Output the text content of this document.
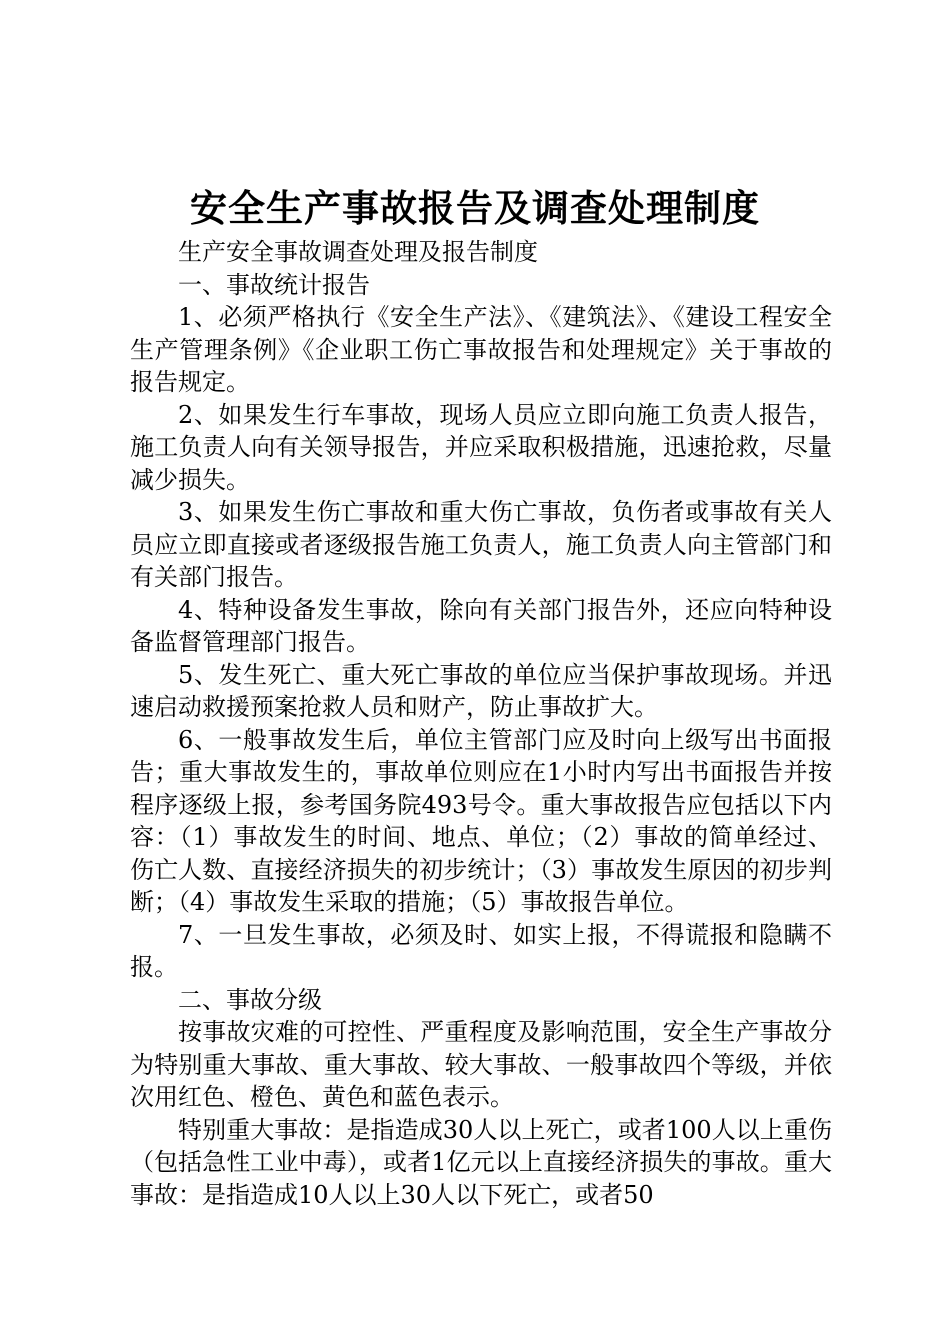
安全生产事故报告及调查处理制度

生产安全事故调查处理及报告制度

一、事故统计报告

1、必须严格执行《安全生产法》、《建筑法》、《建设工程安全生产管理条例》《企业职工伤亡事故报告和处理规定》关于事故的报告规定。

2、如果发生行车事故，现场人员应立即向施工负责人报告，施工负责人向有关领导报告，并应采取积极措施，迅速抢救，尽量减少损失。

3、如果发生伤亡事故和重大伤亡事故，负伤者或事故有关人员应立即直接或者逐级报告施工负责人，施工负责人向主管部门和有关部门报告。

4、特种设备发生事故，除向有关部门报告外，还应向特种设备监督管理部门报告。

5、发生死亡、重大死亡事故的单位应当保护事故现场。并迅速启动救援预案抢救人员和财产，防止事故扩大。

6、一般事故发生后，单位主管部门应及时向上级写出书面报告；重大事故发生的，事故单位则应在1小时内写出书面报告并按程序逐级上报，参考国务院493号令。重大事故报告应包括以下内容：（1）事故发生的时间、地点、单位；（2）事故的简单经过、伤亡人数、直接经济损失的初步统计；（3）事故发生原因的初步判断；（4）事故发生采取的措施；（5）事故报告单位。

7、一旦发生事故，必须及时、如实上报，不得谎报和隐瞒不报。

二、事故分级

按事故灾难的可控性、严重程度及影响范围，安全生产事故分为特别重大事故、重大事故、较大事故、一般事故四个等级，并依次用红色、橙色、黄色和蓝色表示。

特别重大事故：是指造成30人以上死亡，或者100人以上重伤（包括急性工业中毒），或者1亿元以上直接经济损失的事故。重大事故：是指造成10人以上30人以下死亡，或者50
